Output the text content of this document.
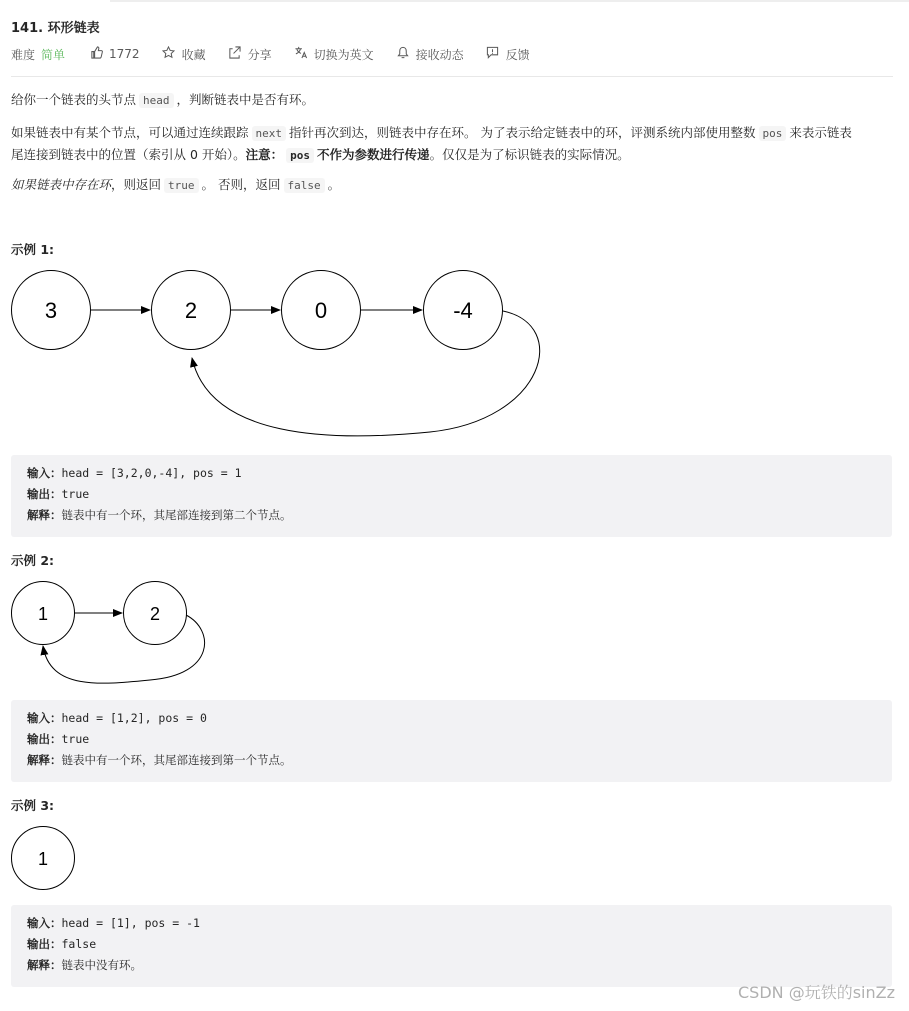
141. 环形链表
难度 简单	1772	收藏	分享	切换为英文	接收动态	反馈
给你一个链表的头节点 head ，判断链表中是否有环。
如果链表中有某个节点，可以通过连续跟踪 next 指针再次到达，则链表中存在环。 为了表示给定链表中的环，评测系统内部使用整数 pos 来表示链表
尾连接到链表中的位置（索引从 0 开始）。注意： pos 不作为参数进行传递。仅仅是为了标识链表的实际情况。
如果链表中存在环，则返回 true 。 否则，返回 false 。
示例 1:
3	2	0	-4
输入：head = [3,2,0,-4], pos = 1
输出：true
解释：链表中有一个环，其尾部连接到第二个节点。
示例 2:
1	2
输入：head = [1,2], pos = 0
输出：true
解释：链表中有一个环，其尾部连接到第一个节点。
示例 3:
1
输入：head = [1], pos = -1
输出：false
解释：链表中没有环。
CSDN @玩铁的sinZz
